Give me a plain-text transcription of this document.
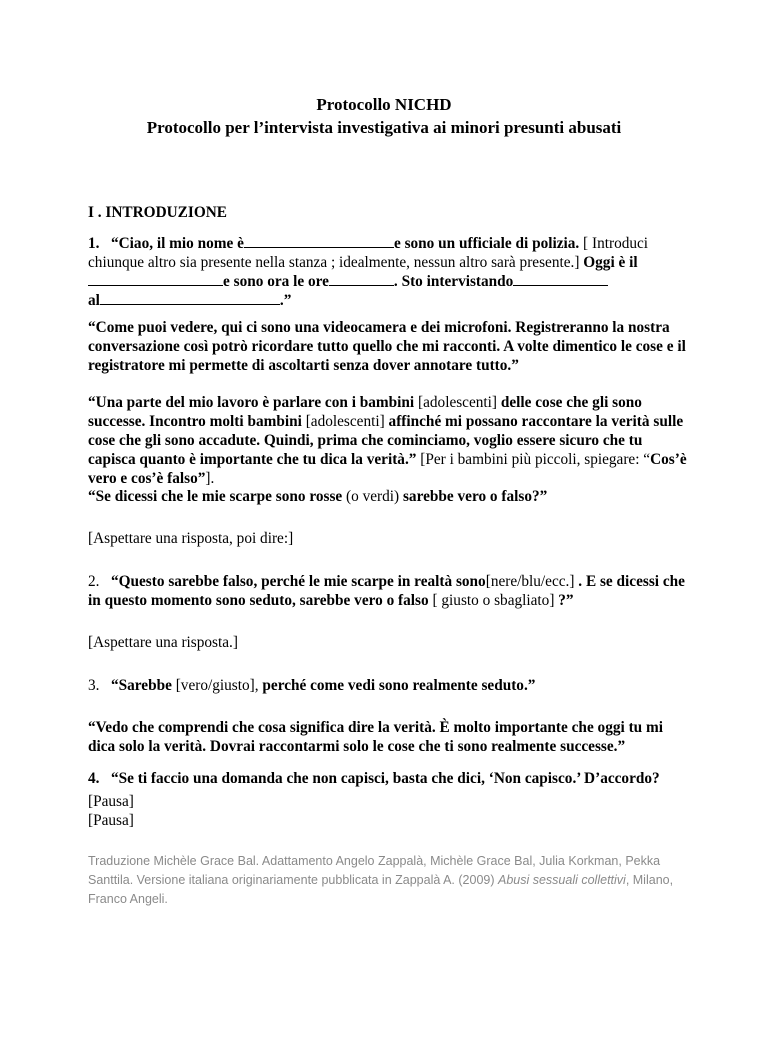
Protocollo NICHD
Protocollo per l’intervista investigativa ai minori presunti abusati
I . INTRODUZIONE
1. “Ciao, il mio nome è	e sono un ufficiale di polizia. [ Introduci chiunque altro sia presente nella stanza ; idealmente, nessun altro sarà presente.] Oggi è ile sono ora le ore	. Sto intervistando
al	.”
“Come puoi vedere, qui ci sono una videocamera e dei microfoni. Registreranno la nostra conversazione così potrò ricordare tutto quello che mi racconti. A volte dimentico le cose e il registratore mi permette di ascoltarti senza dover annotare tutto.”
“Una parte del mio lavoro è parlare con i bambini [adolescenti] delle cose che gli sono successe. Incontro molti bambini [adolescenti] affinché mi possano raccontare la verità sulle cose che gli sono accadute. Quindi, prima che cominciamo, voglio essere sicuro che tu capisca quanto è importante che tu dica la verità.” [Per i bambini più piccoli, spiegare: “Cos’è vero e cos’è falso”].
“Se dicessi che le mie scarpe sono rosse (o verdi) sarebbe vero o falso?”
[Aspettare una risposta, poi dire:]
2. “Questo sarebbe falso, perché le mie scarpe in realtà sono[nere/blu/ecc.] . E se dicessi che in questo momento sono seduto, sarebbe vero o falso [ giusto o sbagliato] ?”
[Aspettare una risposta.]
3. “Sarebbe [vero/giusto], perché come vedi sono realmente seduto.”
“Vedo che comprendi che cosa significa dire la verità. È molto importante che oggi tu mi dica solo la verità. Dovrai raccontarmi solo le cose che ti sono realmente successe.”
[Pausa]
4. “Se ti faccio una domanda che non capisci, basta che dici, ‘Non capisco.’ D’accordo?
[Pausa]
Traduzione Michèle Grace Bal. Adattamento Angelo Zappalà, Michèle Grace Bal, Julia Korkman, Pekka Santtila. Versione italiana originariamente pubblicata in Zappalà A. (2009) Abusi sessuali collettivi, Milano, Franco Angeli.
